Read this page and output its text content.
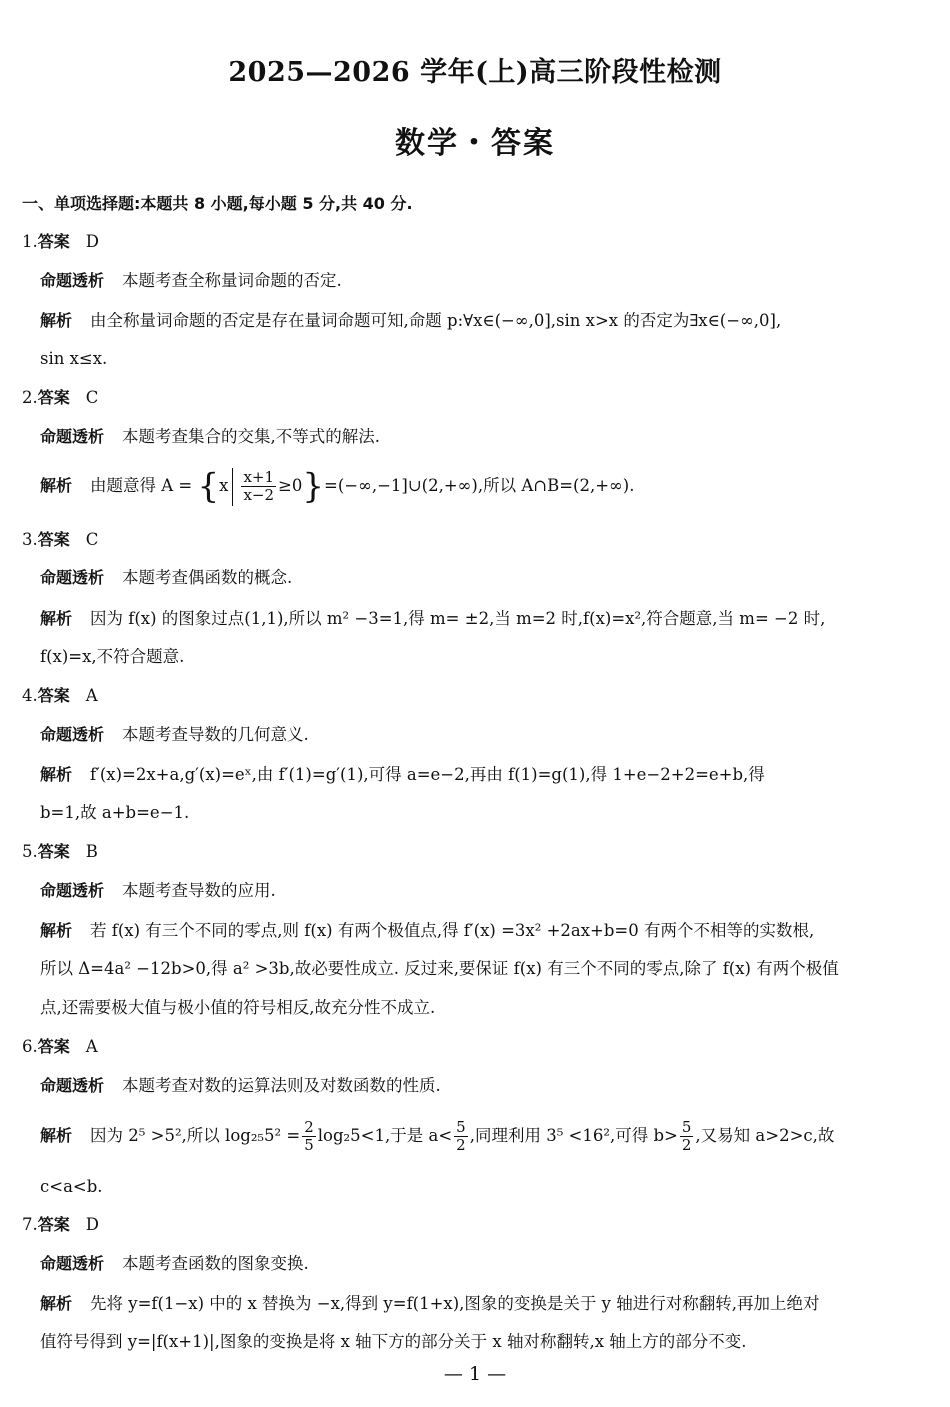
2025—2026 学年(上)高三阶段性检测
数学・答案
一、单项选择题:本题共 8 小题,每小题 5 分,共 40 分.
1.答案 D
命题透析 本题考查全称量词命题的否定.
解析 由全称量词命题的否定是存在量词命题可知,命题 p:∀x∈(−∞,0],sin x>x 的否定为∃x∈(−∞,0],
sin x≤x.
2.答案 C
命题透析 本题考查集合的交集,不等式的解法.
解析 由题意得 $A = \{x \frac{x+1}{x-2}$ ≥0}=(−∞,−1]∪(2,+∞),所以 A∩B=(2,+∞).
3.答案 C
命题透析 本题考查偶函数的概念.
解析 因为 f(x) 的图象过点(1,1),所以 m² −3=1,得 m= ±2,当 m=2 时,f(x)=x²,符合题意,当 m= −2 时,
f(x)=x,不符合题意.
4.答案 A
命题透析 本题考查导数的几何意义.
解析 f′(x)=2x+a,g′(x)=eˣ,由 f′(1)=g′(1),可得 a=e−2,再由 f(1)=g(1),得 1+e−2+2=e+b,得
b=1,故 a+b=e−1.
5.答案 B
命题透析 本题考查导数的应用.
解析 若 f(x) 有三个不同的零点,则 f(x) 有两个极值点,得 f′(x) =3x² +2ax+b=0 有两个不相等的实数根,
所以 Δ=4a² −12b>0,得 a² >3b,故必要性成立. 反过来,要保证 f(x) 有三个不同的零点,除了 f(x) 有两个极值
点,还需要极大值与极小值的符号相反,故充分性不成立.
6.答案 A
命题透析 本题考查对数的运算法则及对数函数的性质.
解析 因为 2⁵ >5²,所以 $\log_{25}5^2 = \frac{2}{5} \log_25<1$,于是 $a< \frac{5}{2}$ ,同理利用 3⁵ <16²,可得 $b> \frac{5}{2}$ ,又易知 a>2>c,故
c<a<b.
7.答案 D
命题透析 本题考查函数的图象变换.
解析 先将 y=f(1−x) 中的 x 替换为 −x,得到 y=f(1+x),图象的变换是关于 y 轴进行对称翻转,再加上绝对
值符号得到 y=|f(x+1)|,图象的变换是将 x 轴下方的部分关于 x 轴对称翻转,x 轴上方的部分不变.
— 1 —
